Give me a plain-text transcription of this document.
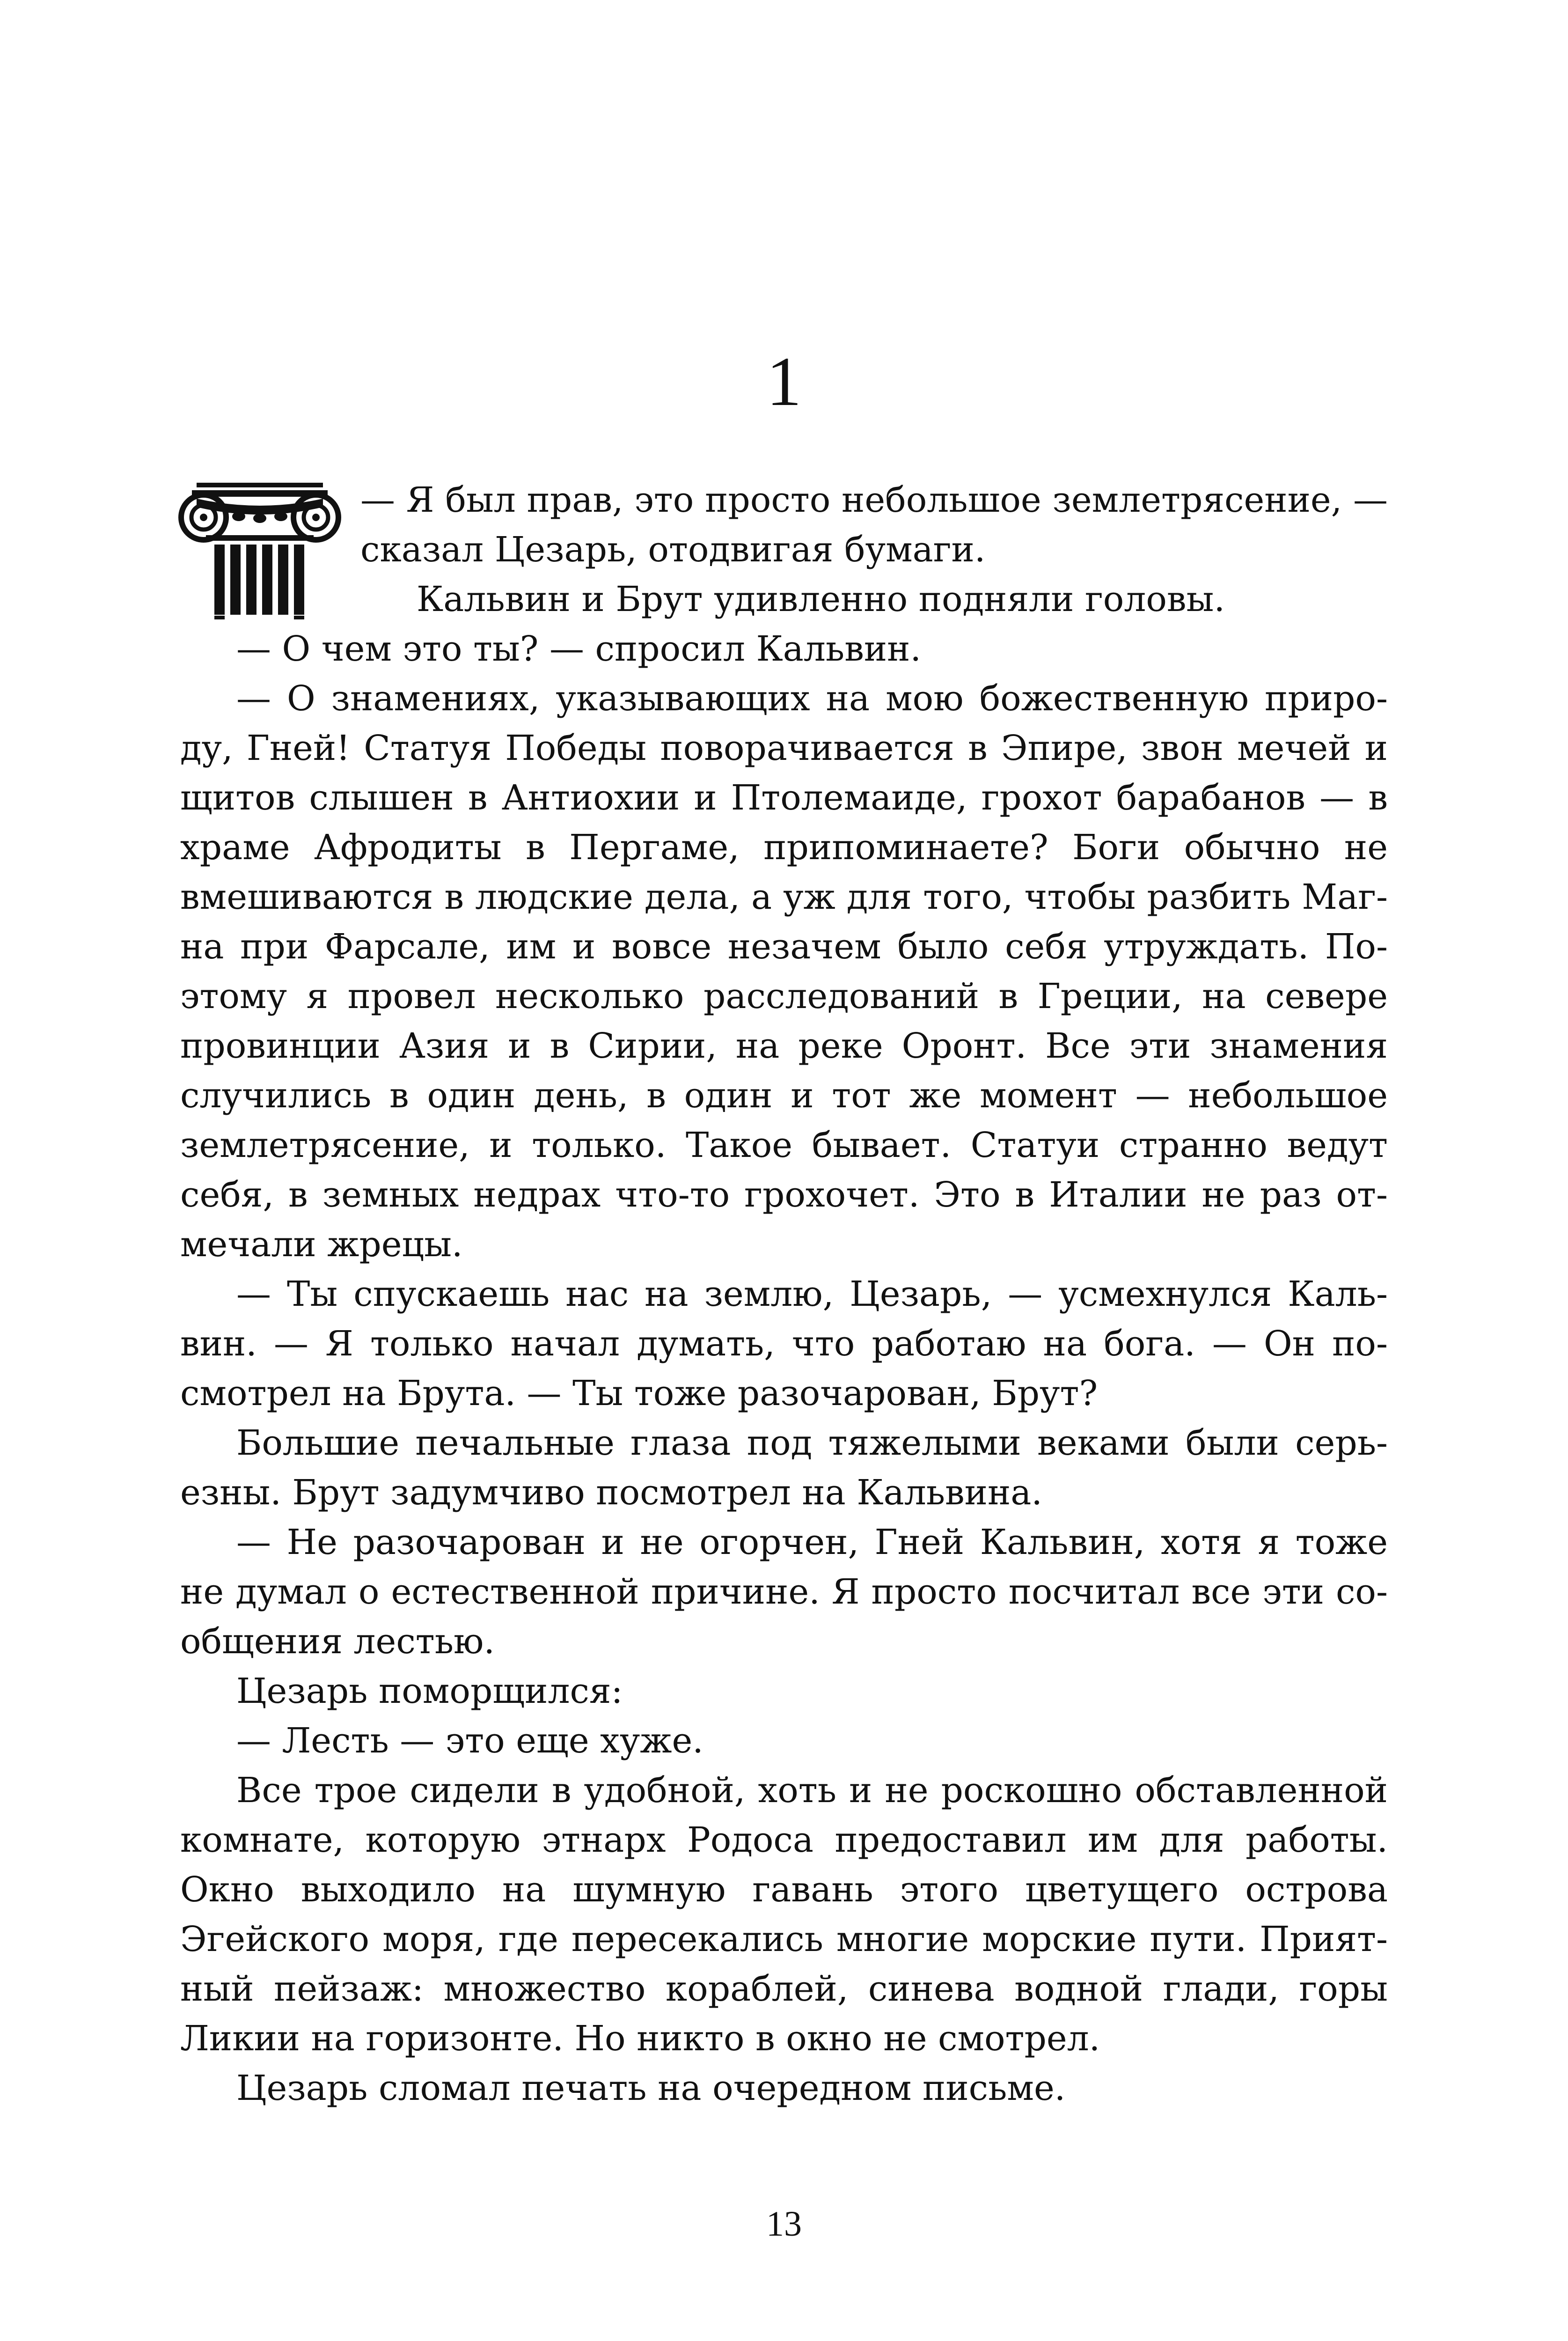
1

— Я был прав, это просто небольшое землетрясение, — сказал Цезарь, отодвигая бумаги.

Кальвин и Брут удивленно подняли головы.

— О чем это ты? — спросил Кальвин.

— О знамениях, указывающих на мою божественную природу, Гней! Статуя Победы поворачивается в Эпире, звон мечей и щитов слышен в Антиохии и Птолемаиде, грохот барабанов — в храме Афродиты в Пергаме, припоминаете? Боги обычно не вмешиваются в людские дела, а уж для того, чтобы разбить Магна при Фарсале, им и вовсе незачем было себя утруждать. Поэтому я провел несколько расследований в Греции, на севере провинции Азия и в Сирии, на реке Оронт. Все эти знамения случились в один день, в один и тот же момент — небольшое землетрясение, и только. Такое бывает. Статуи странно ведут себя, в земных недрах что-то грохочет. Это в Италии не раз отмечали жрецы.

— Ты спускаешь нас на землю, Цезарь, — усмехнулся Кальвин. — Я только начал думать, что работаю на бога. — Он посмотрел на Брута. — Ты тоже разочарован, Брут?

Большие печальные глаза под тяжелыми веками были серьезны. Брут задумчиво посмотрел на Кальвина.

— Не разочарован и не огорчен, Гней Кальвин, хотя я тоже не думал о естественной причине. Я просто посчитал все эти сообщения лестью.

Цезарь поморщился:

— Лесть — это еще хуже.

Все трое сидели в удобной, хоть и не роскошно обставленной комнате, которую этнарх Родоса предоставил им для работы. Окно выходило на шумную гавань этого цветущего острова Эгейского моря, где пересекались многие морские пути. Приятный пейзаж: множество кораблей, синева водной глади, горы Ликии на горизонте. Но никто в окно не смотрел.

Цезарь сломал печать на очередном письме.

13
